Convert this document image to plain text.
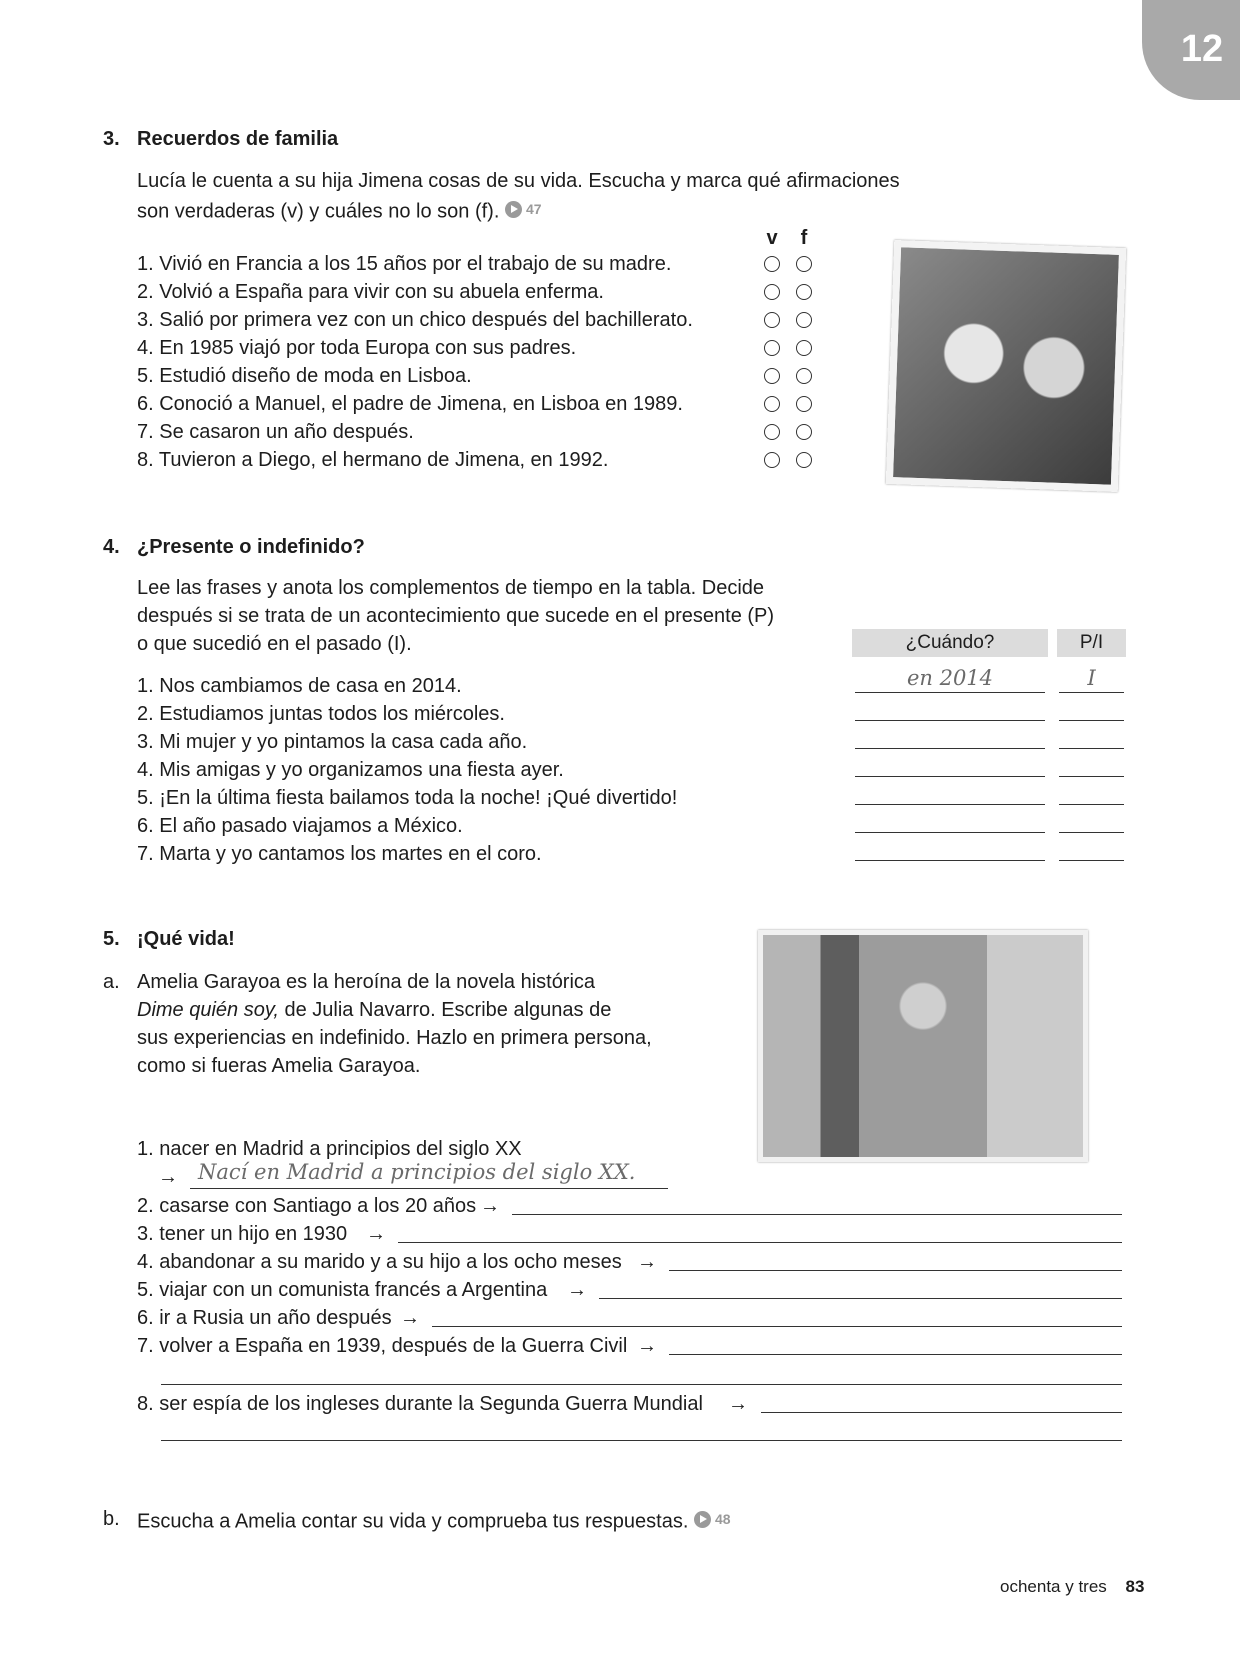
12
3. Recuerdos de familia
Lucía le cuenta a su hija Jimena cosas de su vida. Escucha y marca qué afirmaciones
son verdaderas (v) y cuáles no lo son (f). 47
v f
1. Vivió en Francia a los 15 años por el trabajo de su madre.
2. Volvió a España para vivir con su abuela enferma.
3. Salió por primera vez con un chico después del bachillerato.
4. En 1985 viajó por toda Europa con sus padres.
5. Estudió diseño de moda en Lisboa.
6. Conoció a Manuel, el padre de Jimena, en Lisboa en 1989.
7. Se casaron un año después.
8. Tuvieron a Diego, el hermano de Jimena, en 1992.
4. ¿Presente o indefinido?
Lee las frases y anota los complementos de tiempo en la tabla. Decide
después si se trata de un acontecimiento que sucede en el presente (P)
o que sucedió en el pasado (I).	¿Cuándo?	P/I
en 2014	I
1. Nos cambiamos de casa en 2014.
2. Estudiamos juntas todos los miércoles.
3. Mi mujer y yo pintamos la casa cada año.
4. Mis amigas y yo organizamos una fiesta ayer.
5. ¡En la última fiesta bailamos toda la noche! ¡Qué divertido!
6. El año pasado viajamos a México.
7. Marta y yo cantamos los martes en el coro.
5. ¡Qué vida!
a. Amelia Garayoa es la heroína de la novela histórica
Dime quién soy, de Julia Navarro. Escribe algunas de
sus experiencias en indefinido. Hazlo en primera persona,
como si fueras Amelia Garayoa.
1. nacer en Madrid a principios del siglo XX
→ Nací en Madrid a principios del siglo XX.
2. casarse con Santiago a los 20 años →
3. tener un hijo en 1930 →
4. abandonar a su marido y a su hijo a los ocho meses →
5. viajar con un comunista francés a Argentina →
6. ir a Rusia un año después →
7. volver a España en 1939, después de la Guerra Civil →
8. ser espía de los ingleses durante la Segunda Guerra Mundial →
b. Escucha a Amelia contar su vida y comprueba tus respuestas. 48
ochenta y tres 83
